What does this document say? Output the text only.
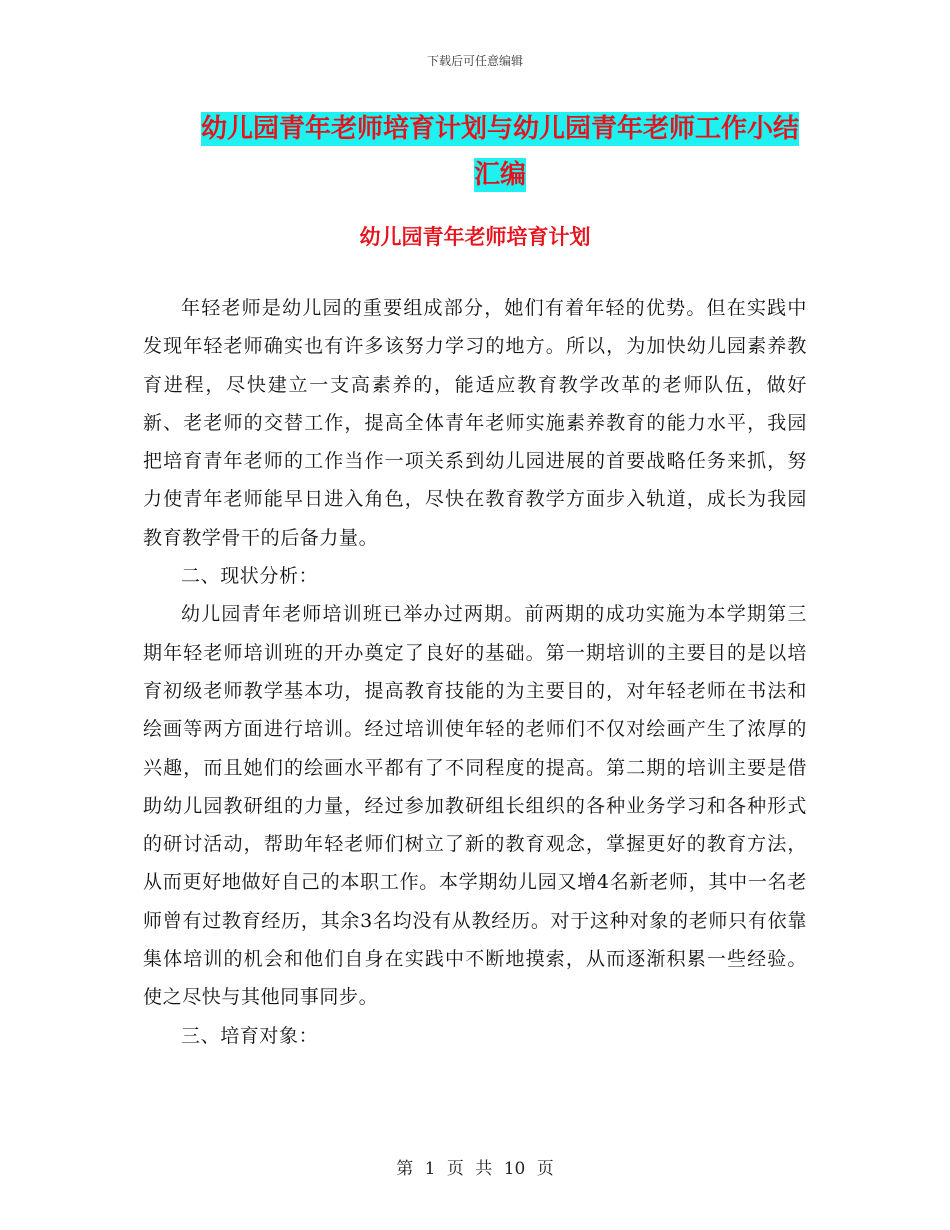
下载后可任意编辑
幼儿园青年老师培育计划与幼儿园青年老师工作小结
汇编
幼儿园青年老师培育计划

年轻老师是幼儿园的重要组成部分，她们有着年轻的优势。但在实践中发现年轻老师确实也有许多该努力学习的地方。所以，为加快幼儿园素养教育进程，尽快建立一支高素养的，能适应教育教学改革的老师队伍，做好新、老老师的交替工作，提高全体青年老师实施素养教育的能力水平，我园把培育青年老师的工作当作一项关系到幼儿园进展的首要战略任务来抓，努力使青年老师能早日进入角色，尽快在教育教学方面步入轨道，成长为我园教育教学骨干的后备力量。

二、现状分析：

幼儿园青年老师培训班已举办过两期。前两期的成功实施为本学期第三期年轻老师培训班的开办奠定了良好的基础。第一期培训的主要目的是以培育初级老师教学基本功，提高教育技能的为主要目的，对年轻老师在书法和绘画等两方面进行培训。经过培训使年轻的老师们不仅对绘画产生了浓厚的兴趣，而且她们的绘画水平都有了不同程度的提高。第二期的培训主要是借助幼儿园教研组的力量，经过参加教研组长组织的各种业务学习和各种形式的研讨活动，帮助年轻老师们树立了新的教育观念，掌握更好的教育方法，从而更好地做好自己的本职工作。本学期幼儿园又增4名新老师，其中一名老师曾有过教育经历，其余3名均没有从教经历。对于这种对象的老师只有依靠集体培训的机会和他们自身在实践中不断地摸索，从而逐渐积累一些经验。使之尽快与其他同事同步。

三、培育对象：

第 1 页 共 10 页
